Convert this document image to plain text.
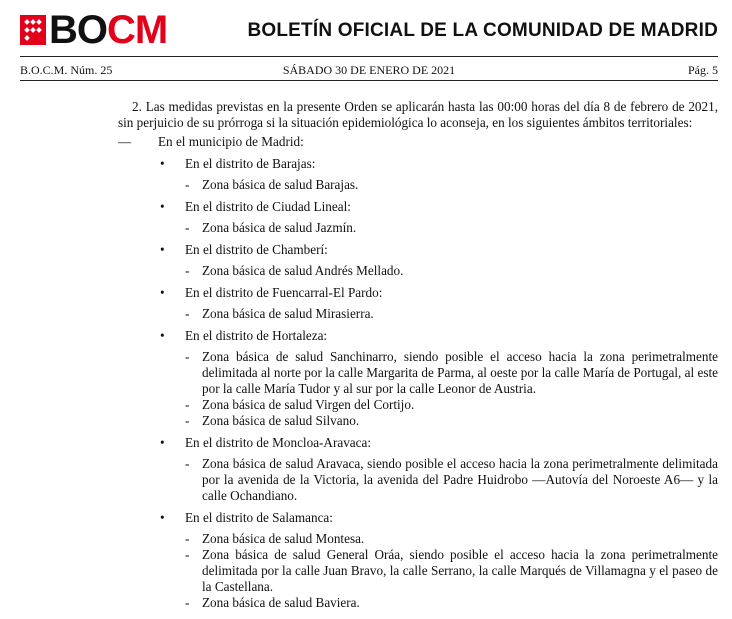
BOCM	BOLETÍN OFICIAL DE LA COMUNIDAD DE MADRID
B.O.C.M. Núm. 25	SÁBADO 30 DE ENERO DE 2021	Pág. 5

2. Las medidas previstas en la presente Orden se aplicarán hasta las 00:00 horas del día 8 de febrero de 2021, sin perjuicio de su prórroga si la situación epidemiológica lo aconseja, en los siguientes ámbitos territoriales:

— En el municipio de Madrid:
• En el distrito de Barajas:
- Zona básica de salud Barajas.
• En el distrito de Ciudad Lineal:
- Zona básica de salud Jazmín.
• En el distrito de Chamberí:
- Zona básica de salud Andrés Mellado.
• En el distrito de Fuencarral-El Pardo:
- Zona básica de salud Mirasierra.
• En el distrito de Hortaleza:
- Zona básica de salud Sanchinarro, siendo posible el acceso hacia la zona perimetralmente delimitada al norte por la calle Margarita de Parma, al oeste por la calle María de Portugal, al este por la calle María Tudor y al sur por la calle Leonor de Austria.
- Zona básica de salud Virgen del Cortijo.
- Zona básica de salud Silvano.
• En el distrito de Moncloa-Aravaca:
- Zona básica de salud Aravaca, siendo posible el acceso hacia la zona perimetralmente delimitada por la avenida de la Victoria, la avenida del Padre Huidrobo —Autovía del Noroeste A6— y la calle Ochandiano.
• En el distrito de Salamanca:
- Zona básica de salud Montesa.
- Zona básica de salud General Oráa, siendo posible el acceso hacia la zona perimetralmente delimitada por la calle Juan Bravo, la calle Serrano, la calle Marqués de Villamagna y el paseo de la Castellana.
- Zona básica de salud Baviera.
